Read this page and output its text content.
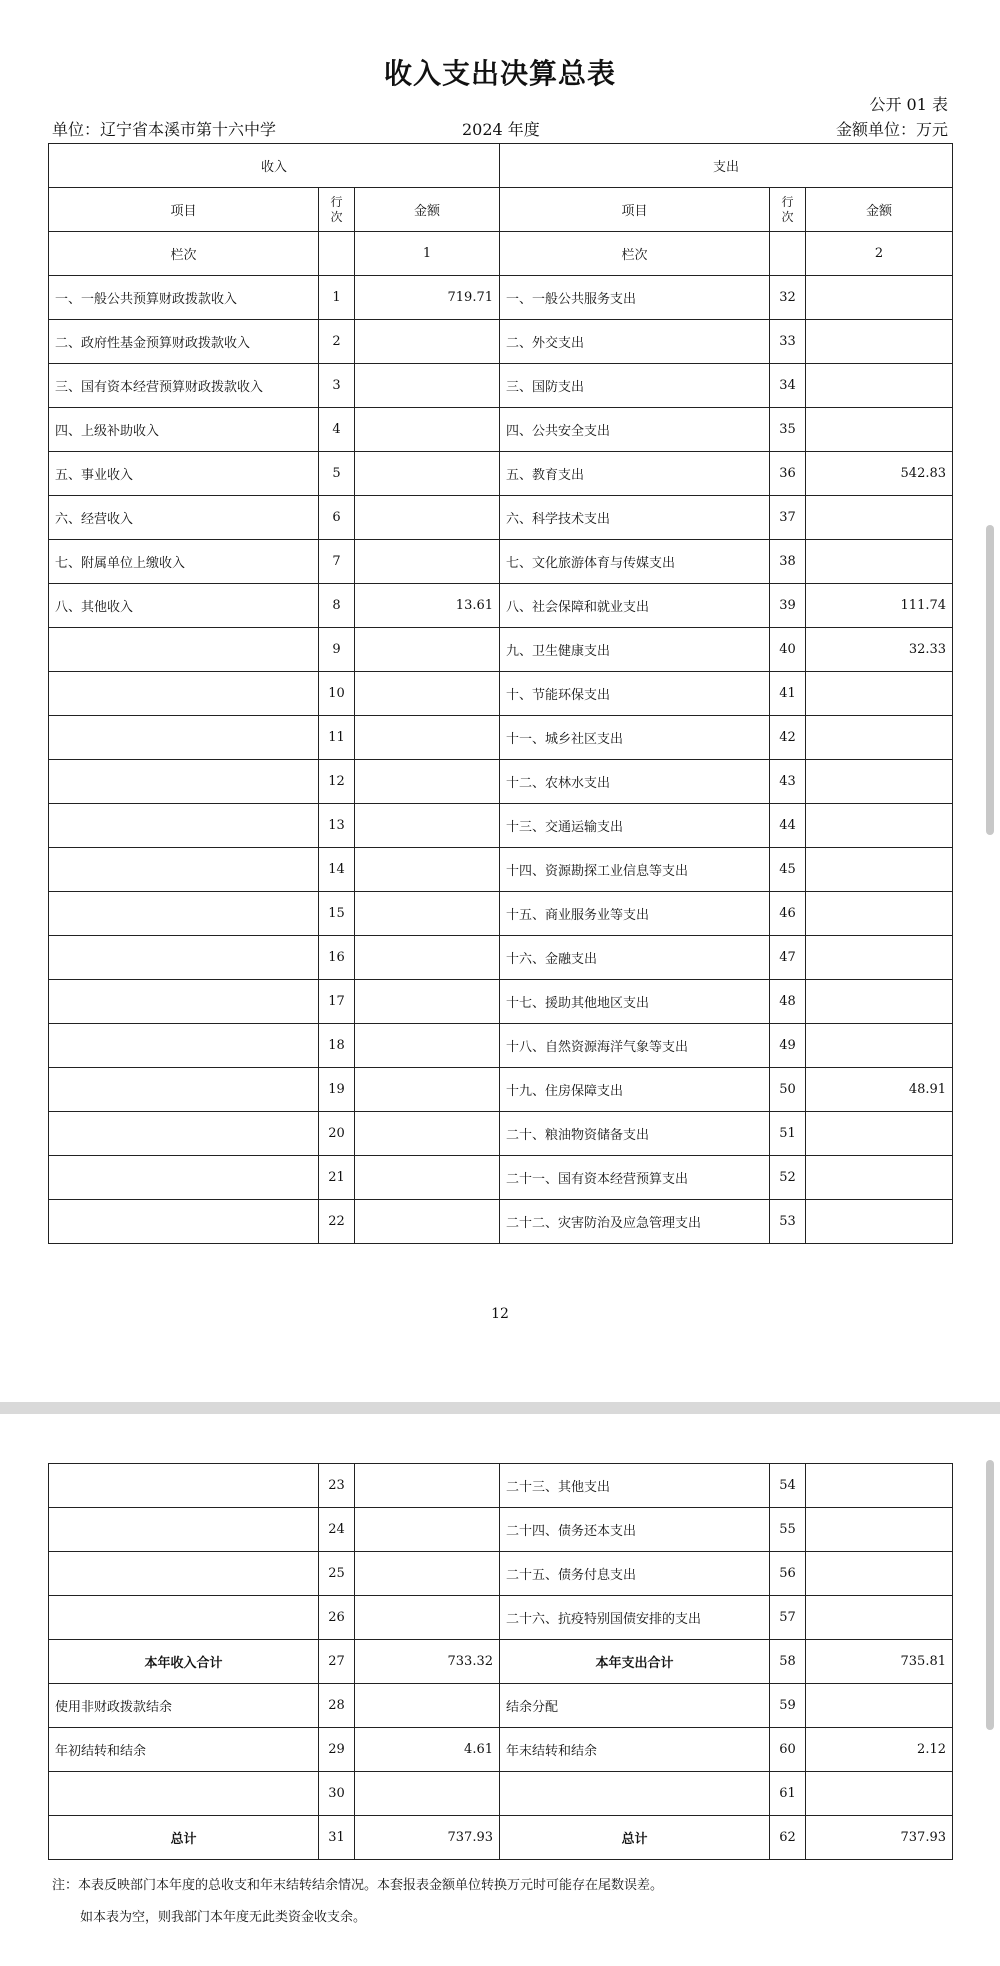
收入支出决算总表
公开 01 表
单位：辽宁省本溪市第十六中学	2024 年度	金额单位：万元
收入			支出		
项目	行次	金额	项目	行次	金额
栏次		1	栏次		2
一、一般公共预算财政拨款收入	1	719.71	一、一般公共服务支出	32	
二、政府性基金预算财政拨款收入	2		二、外交支出	33	
三、国有资本经营预算财政拨款收入	3		三、国防支出	34	
四、上级补助收入	4		四、公共安全支出	35	
五、事业收入	5		五、教育支出	36	542.83
六、经营收入	6		六、科学技术支出	37	
七、附属单位上缴收入	7		七、文化旅游体育与传媒支出	38	
八、其他收入	8	13.61	八、社会保障和就业支出	39	111.74
	9		九、卫生健康支出	40	32.33
	10		十、节能环保支出	41	
	11		十一、城乡社区支出	42	
	12		十二、农林水支出	43	
	13		十三、交通运输支出	44	
	14		十四、资源勘探工业信息等支出	45	
	15		十五、商业服务业等支出	46	
	16		十六、金融支出	47	
	17		十七、援助其他地区支出	48	
	18		十八、自然资源海洋气象等支出	49	
	19		十九、住房保障支出	50	48.91
	20		二十、粮油物资储备支出	51	
	21		二十一、国有资本经营预算支出	52	
	22		二十二、灾害防治及应急管理支出	53	
12
	23		二十三、其他支出	54	
	24		二十四、债务还本支出	55	
	25		二十五、债务付息支出	56	
	26		二十六、抗疫特别国债安排的支出	57	
本年收入合计	27	733.32	本年支出合计	58	735.81
使用非财政拨款结余	28		结余分配	59	
年初结转和结余	29	4.61	年末结转和结余	60	2.12
	30			61	
总计	31	737.93	总计	62	737.93
注：本表反映部门本年度的总收支和年末结转结余情况。本套报表金额单位转换万元时可能存在尾数误差。
如本表为空，则我部门本年度无此类资金收支余。
